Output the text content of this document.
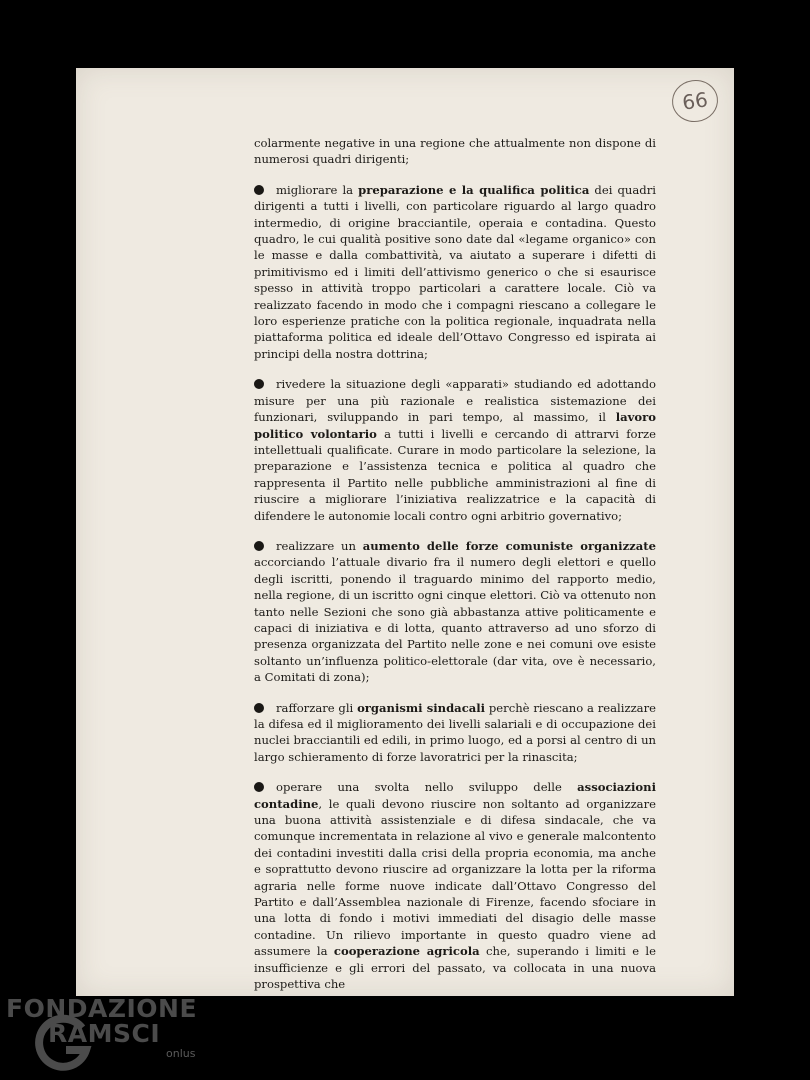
66

colarmente negative in una regione che attualmente non dispone di numerosi quadri dirigenti;

migliorare la preparazione e la qualifica politica dei quadri dirigenti a tutti i livelli, con particolare riguardo al largo quadro intermedio, di origine bracciantile, operaia e contadina. Questo quadro, le cui qualità positive sono date dal «legame organico» con le masse e dalla combattività, va aiutato a superare i difetti di primitivismo ed i limiti dell’attivismo generico o che si esaurisce spesso in attività troppo particolari a carattere locale. Ciò va realizzato facendo in modo che i compagni riescano a collegare le loro esperienze pratiche con la politica regionale, inquadrata nella piattaforma politica ed ideale dell’Ottavo Congresso ed ispirata ai principi della nostra dottrina;

rivedere la situazione degli «apparati» studiando ed adottando misure per una più razionale e realistica sistemazione dei funzionari, sviluppando in pari tempo, al massimo, il lavoro politico volontario a tutti i livelli e cercando di attrarvi forze intellettuali qualificate. Curare in modo particolare la selezione, la preparazione e l’assistenza tecnica e politica al quadro che rappresenta il Partito nelle pubbliche amministrazioni al fine di riuscire a migliorare l’iniziativa realizzatrice e la capacità di difendere le autonomie locali contro ogni arbitrio governativo;

realizzare un aumento delle forze comuniste organizzate accorciando l’attuale divario fra il numero degli elettori e quello degli iscritti, ponendo il traguardo minimo del rapporto medio, nella regione, di un iscritto ogni cinque elettori. Ciò va ottenuto non tanto nelle Sezioni che sono già abbastanza attive politicamente e capaci di iniziativa e di lotta, quanto attraverso ad uno sforzo di presenza organizzata del Partito nelle zone e nei comuni ove esiste soltanto un’influenza politico-elettorale (dar vita, ove è necessario, a Comitati di zona);

rafforzare gli organismi sindacali perchè riescano a realizzare la difesa ed il miglioramento dei livelli salariali e di occupazione dei nuclei bracciantili ed edili, in primo luogo, ed a porsi al centro di un largo schieramento di forze lavoratrici per la rinascita;

operare una svolta nello sviluppo delle associazioni contadine, le quali devono riuscire non soltanto ad organizzare una buona attività assistenziale e di difesa sindacale, che va comunque incrementata in relazione al vivo e generale malcontento dei contadini investiti dalla crisi della propria economia, ma anche e soprattutto devono riuscire ad organizzare la lotta per la riforma agraria nelle forme nuove indicate dall’Ottavo Congresso del Partito e dall’Assemblea nazionale di Firenze, facendo sfociare in una lotta di fondo i motivi immediati del disagio delle masse contadine. Un rilievo importante in questo quadro viene ad assumere la cooperazione agricola che, superando i limiti e le insufficienze e gli errori del passato, va collocata in una nuova prospettiva che

FONDAZIONE
RAMSCI
onlus
